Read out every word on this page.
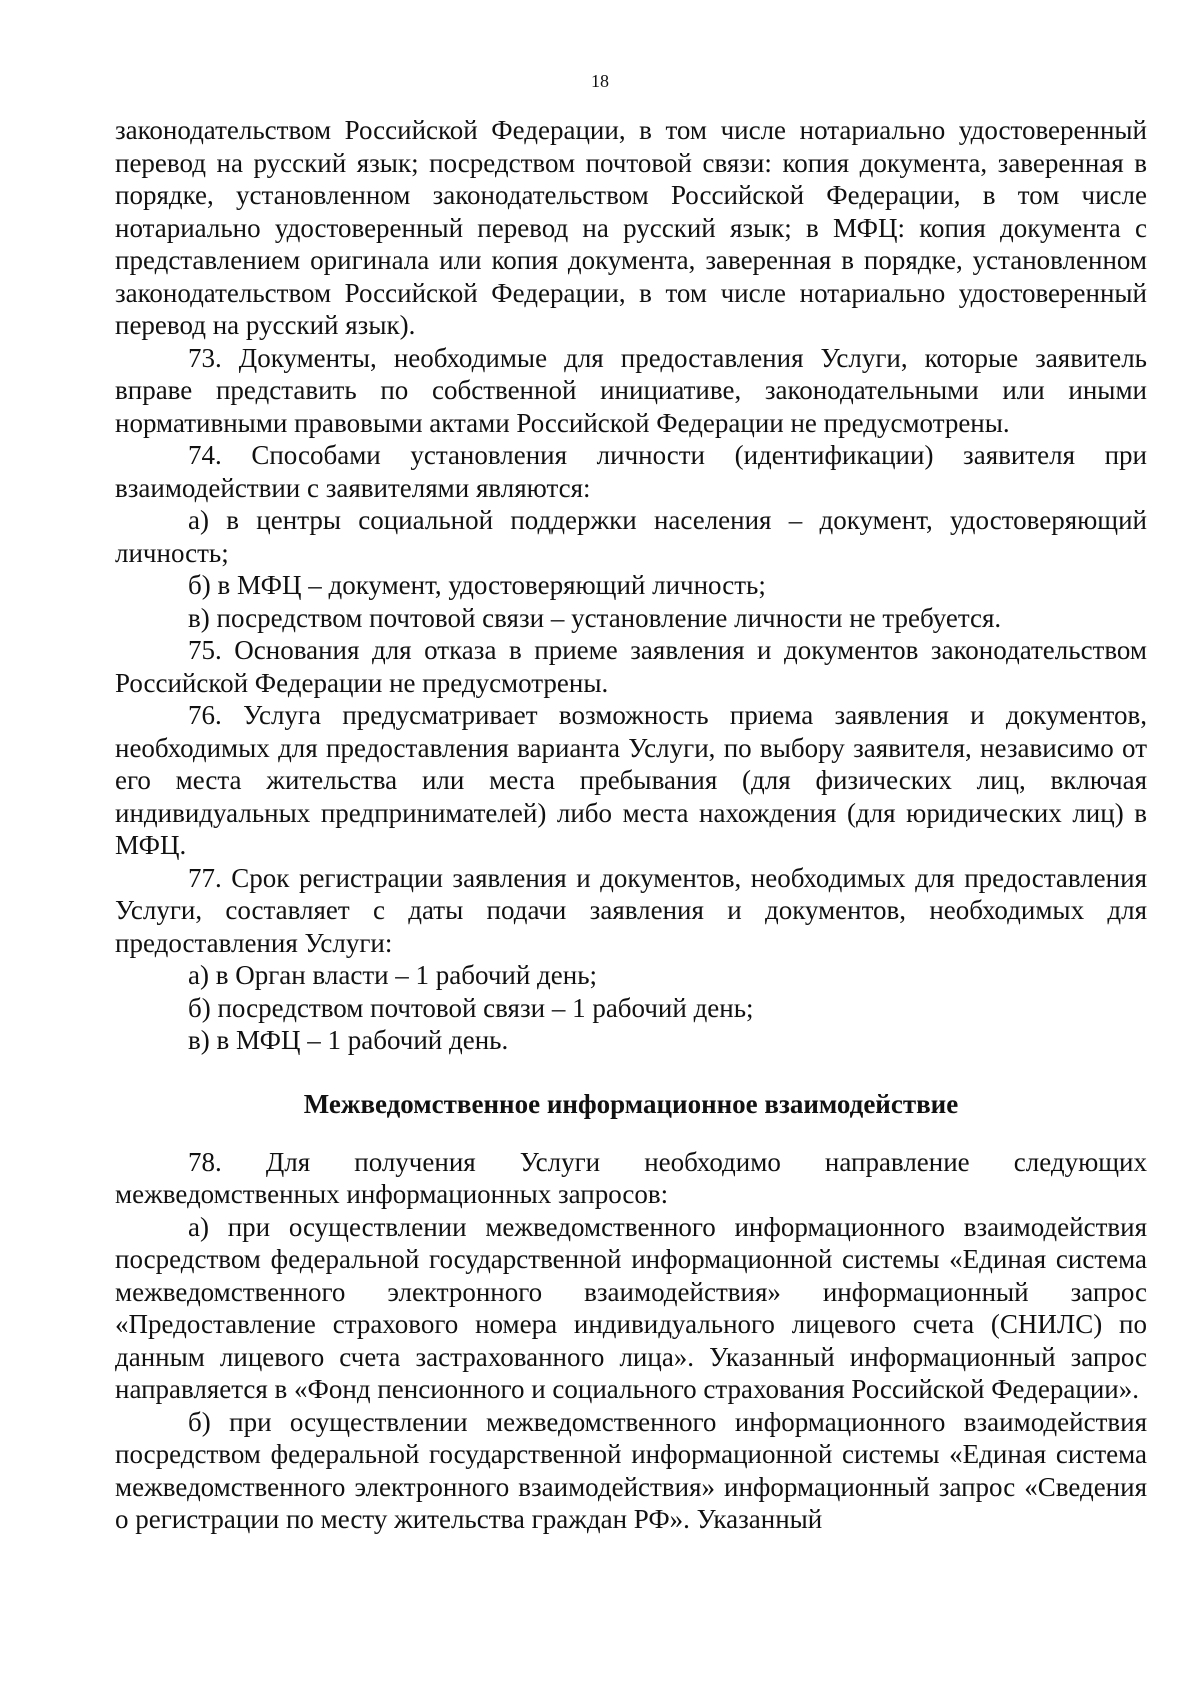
18

законодательством Российской Федерации, в том числе нотариально удостоверенный перевод на русский язык; посредством почтовой связи: копия документа, заверенная в порядке, установленном законодательством Российской Федерации, в том числе нотариально удостоверенный перевод на русский язык; в МФЦ: копия документа с представлением оригинала или копия документа, заверенная в порядке, установленном законодательством Российской Федерации, в том числе нотариально удостоверенный перевод на русский язык).

73. Документы, необходимые для предоставления Услуги, которые заявитель вправе представить по собственной инициативе, законодательными или иными нормативными правовыми актами Российской Федерации не предусмотрены.

74. Способами установления личности (идентификации) заявителя при взаимодействии с заявителями являются:

а) в центры социальной поддержки населения – документ, удостоверяющий личность;

б) в МФЦ – документ, удостоверяющий личность;

в) посредством почтовой связи – установление личности не требуется.

75. Основания для отказа в приеме заявления и документов законодательством Российской Федерации не предусмотрены.

76. Услуга предусматривает возможность приема заявления и документов, необходимых для предоставления варианта Услуги, по выбору заявителя, независимо от его места жительства или места пребывания (для физических лиц, включая индивидуальных предпринимателей) либо места нахождения (для юридических лиц) в МФЦ.

77. Срок регистрации заявления и документов, необходимых для предоставления Услуги, составляет с даты подачи заявления и документов, необходимых для предоставления Услуги:

а) в Орган власти – 1 рабочий день;

б) посредством почтовой связи – 1 рабочий день;

в) в МФЦ – 1 рабочий день.

Межведомственное информационное взаимодействие

78. Для получения Услуги необходимо направление следующих межведомственных информационных запросов:

а) при осуществлении межведомственного информационного взаимодействия посредством федеральной государственной информационной системы «Единая система межведомственного электронного взаимодействия» информационный запрос «Предоставление страхового номера индивидуального лицевого счета (СНИЛС) по данным лицевого счета застрахованного лица». Указанный информационный запрос направляется в «Фонд пенсионного и социального страхования Российской Федерации».

б) при осуществлении межведомственного информационного взаимодействия посредством федеральной государственной информационной системы «Единая система межведомственного электронного взаимодействия» информационный запрос «Сведения о регистрации по месту жительства граждан РФ». Указанный
